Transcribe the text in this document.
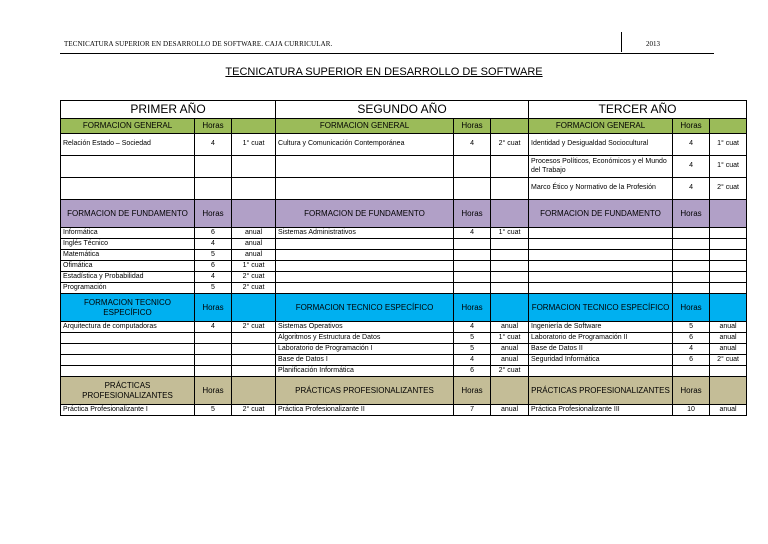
TECNICATURA SUPERIOR EN DESARROLLO DE SOFTWARE. CAJA CURRICULAR.	2013
TECNICATURA SUPERIOR EN DESARROLLO DE SOFTWARE
PRIMER AÑO			SEGUNDO AÑO			TERCER AÑO		
FORMACION GENERAL	Horas		FORMACION GENERAL	Horas		FORMACION GENERAL	Horas	
Relación Estado – Sociedad	4	1° cuat	Cultura y Comunicación Contemporánea	4	2° cuat	Identidad y Desigualdad Sociocultural	4	1° cuat
						Procesos Políticos, Económicos y el Mundo del Trabajo	4	1° cuat
						Marco Ético y Normativo de la Profesión	4	2° cuat
FORMACION DE FUNDAMENTO	Horas		FORMACION DE FUNDAMENTO	Horas		FORMACION DE FUNDAMENTO	Horas	
Informática	6	anual	Sistemas Administrativos	4	1° cuat			
Inglés Técnico	4	anual						
Matemática	5	anual						
Ofimática	6	1° cuat						
Estadística y Probabilidad	4	2° cuat						
Programación	5	2° cuat						
FORMACION TECNICO ESPECÍFICO	Horas		FORMACION TECNICO ESPECÍFICO	Horas		FORMACION TECNICO ESPECÍFICO	Horas	
Arquitectura de computadoras	4	2° cuat	Sistemas Operativos	4	anual	Ingeniería de Software	5	anual
			Algoritmos y Estructura de Datos	5	1° cuat	Laboratorio de Programación II	6	anual
			Laboratorio de Programación I	5	anual	Base de Datos II	4	anual
			Base de Datos I	4	anual	Seguridad Informática	6	2° cuat
			Planificación Informática	6	2° cuat			
PRÁCTICAS PROFESIONALIZANTES	Horas		PRÁCTICAS PROFESIONALIZANTES	Horas		PRÁCTICAS PROFESIONALIZANTES	Horas	
Práctica Profesionalizante I	5	2° cuat	Práctica Profesionalizante II	7	anual	Práctica Profesionalizante III	10	anual
